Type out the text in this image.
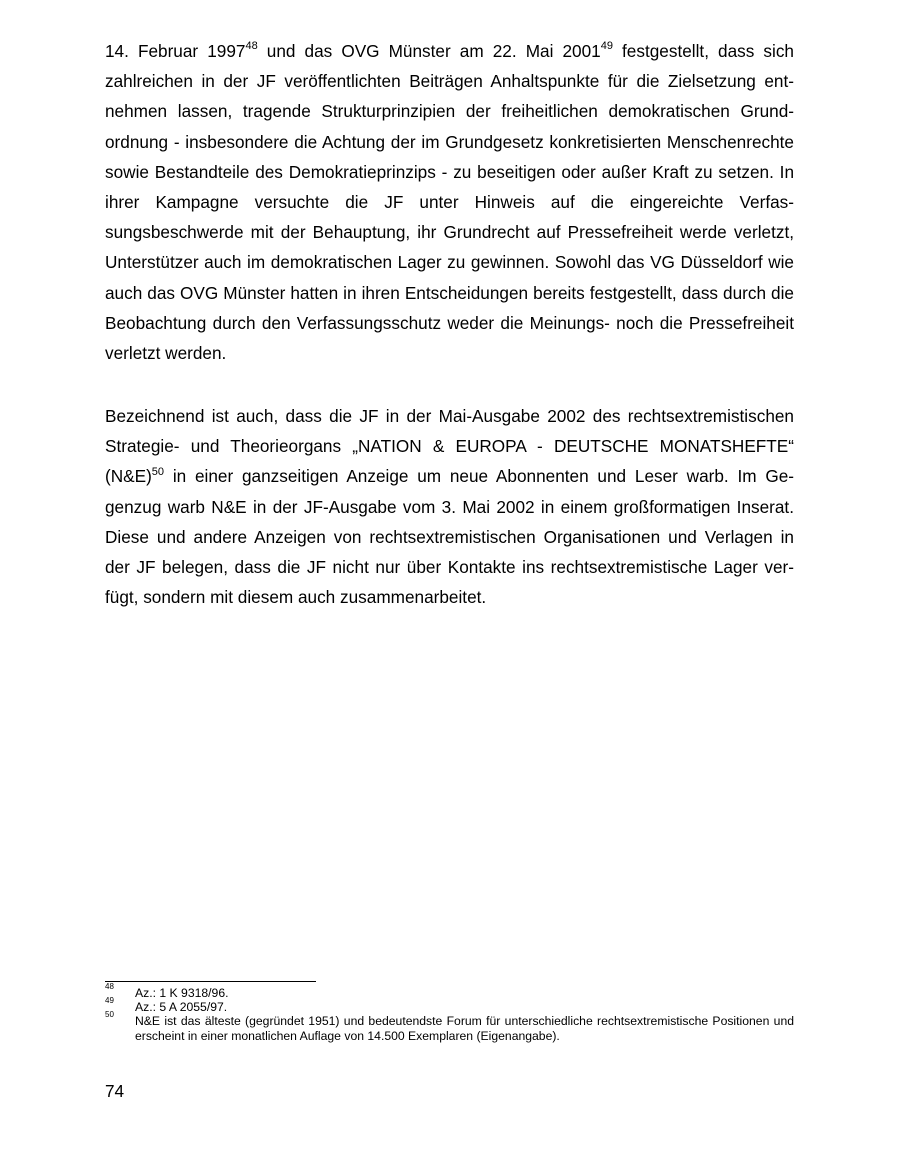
14. Februar 1997$^{48}$ und das OVG Münster am 22. Mai 2001$^{49}$ festgestellt, dass sich zahlreichen in der JF veröffentlichten Beiträgen Anhaltspunkte für die Zielsetzung entnehmen lassen, tragende Strukturprinzipien der freiheitlichen demokratischen Grundordnung - insbesondere die Achtung der im Grundgesetz konkretisierten Menschenrechte sowie Bestandteile des Demokratieprinzips - zu beseitigen oder außer Kraft zu setzen. In ihrer Kampagne versuchte die JF unter Hinweis auf die eingereichte Verfassungsbeschwerde mit der Behauptung, ihr Grundrecht auf Pressefreiheit werde verletzt, Unterstützer auch im demokratischen Lager zu gewinnen. Sowohl das VG Düsseldorf wie auch das OVG Münster hatten in ihren Entscheidungen bereits festgestellt, dass durch die Beobachtung durch den Verfassungsschutz weder die Meinungs- noch die Pressefreiheit verletzt werden.

Bezeichnend ist auch, dass die JF in der Mai-Ausgabe 2002 des rechtsextremistischen Strategie- und Theorieorgans „NATION & EUROPA - DEUTSCHE MONATSHEFTE“ (N&E)$^{50}$ in einer ganzseitigen Anzeige um neue Abonnenten und Leser warb. Im Gegenzug warb N&E in der JF-Ausgabe vom 3. Mai 2002 in einem großformatigen Inserat. Diese und andere Anzeigen von rechtsextremistischen Organisationen und Verlagen in der JF belegen, dass die JF nicht nur über Kontakte ins rechtsextremistische Lager verfügt, sondern mit diesem auch zusammenarbeitet.

48 Az.: 1 K 9318/96.
49 Az.: 5 A 2055/97.
50 N&E ist das älteste (gegründet 1951) und bedeutendste Forum für unterschiedliche rechtsextremistische Positionen und erscheint in einer monatlichen Auflage von 14.500 Exemplaren (Eigenangabe).
74
